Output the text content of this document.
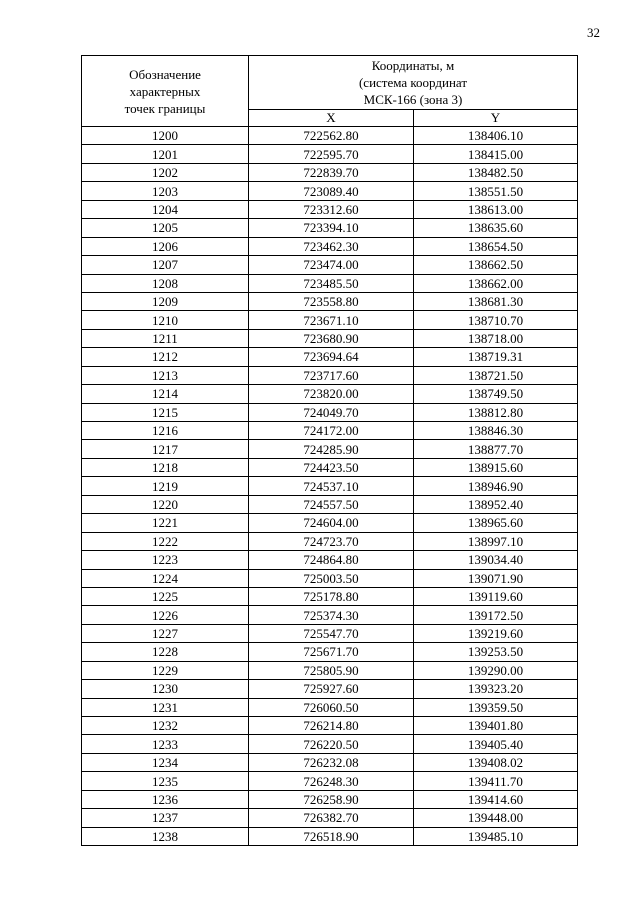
32
Обозначение
характерных
точек границы	Координаты, м
(система координат
МСК-166 (зона 3)	

	X	Y
1200	722562.80	138406.10
1201	722595.70	138415.00
1202	722839.70	138482.50
1203	723089.40	138551.50
1204	723312.60	138613.00
1205	723394.10	138635.60
1206	723462.30	138654.50
1207	723474.00	138662.50
1208	723485.50	138662.00
1209	723558.80	138681.30
1210	723671.10	138710.70
1211	723680.90	138718.00
1212	723694.64	138719.31
1213	723717.60	138721.50
1214	723820.00	138749.50
1215	724049.70	138812.80
1216	724172.00	138846.30
1217	724285.90	138877.70
1218	724423.50	138915.60
1219	724537.10	138946.90
1220	724557.50	138952.40
1221	724604.00	138965.60
1222	724723.70	138997.10
1223	724864.80	139034.40
1224	725003.50	139071.90
1225	725178.80	139119.60
1226	725374.30	139172.50
1227	725547.70	139219.60
1228	725671.70	139253.50
1229	725805.90	139290.00
1230	725927.60	139323.20
1231	726060.50	139359.50
1232	726214.80	139401.80
1233	726220.50	139405.40
1234	726232.08	139408.02
1235	726248.30	139411.70
1236	726258.90	139414.60
1237	726382.70	139448.00
1238	726518.90	139485.10
